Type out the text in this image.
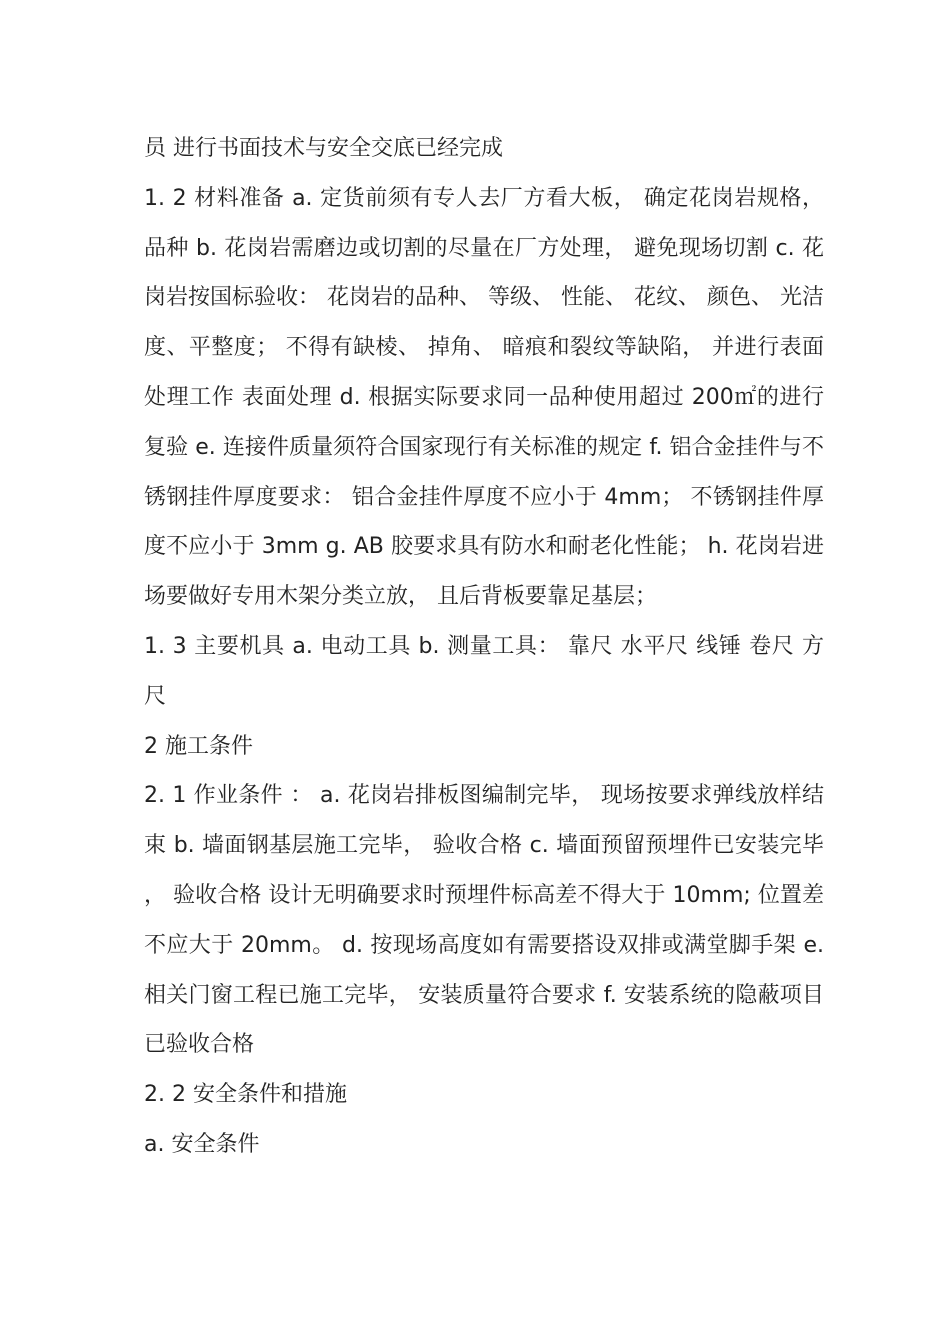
员 进行书面技术与安全交底已经完成

1. 2 材料准备 a. 定货前须有专人去厂方看大板， 确定花岗岩规格， 品种 b. 花岗岩需磨边或切割的尽量在厂方处理， 避免现场切割 c. 花岗岩按国标验收： 花岗岩的品种、 等级、 性能、 花纹、 颜色、 光洁度、平整度； 不得有缺棱、 掉角、 暗痕和裂纹等缺陷， 并进行表面处理工作 表面处理 d. 根据实际要求同一品种使用超过 200㎡的进行复验 e. 连接件质量须符合国家现行有关标准的规定 f. 铝合金挂件与不锈钢挂件厚度要求： 铝合金挂件厚度不应小于 4mm； 不锈钢挂件厚度不应小于 3mm g. AB 胶要求具有防水和耐老化性能； h. 花岗岩进场要做好专用木架分类立放， 且后背板要靠足基层；

1. 3 主要机具 a. 电动工具 b. 测量工具： 靠尺 水平尺 线锤 卷尺 方尺

2 施工条件

2. 1 作业条件 ： a. 花岗岩排板图编制完毕， 现场按要求弹线放样结束 b. 墙面钢基层施工完毕， 验收合格 c. 墙面预留预埋件已安装完毕， 验收合格 设计无明确要求时预埋件标高差不得大于 10mm; 位置差不应大于 20mm。 d. 按现场高度如有需要搭设双排或满堂脚手架 e. 相关门窗工程已施工完毕， 安装质量符合要求 f. 安装系统的隐蔽项目 已验收合格

2. 2 安全条件和措施

a. 安全条件
